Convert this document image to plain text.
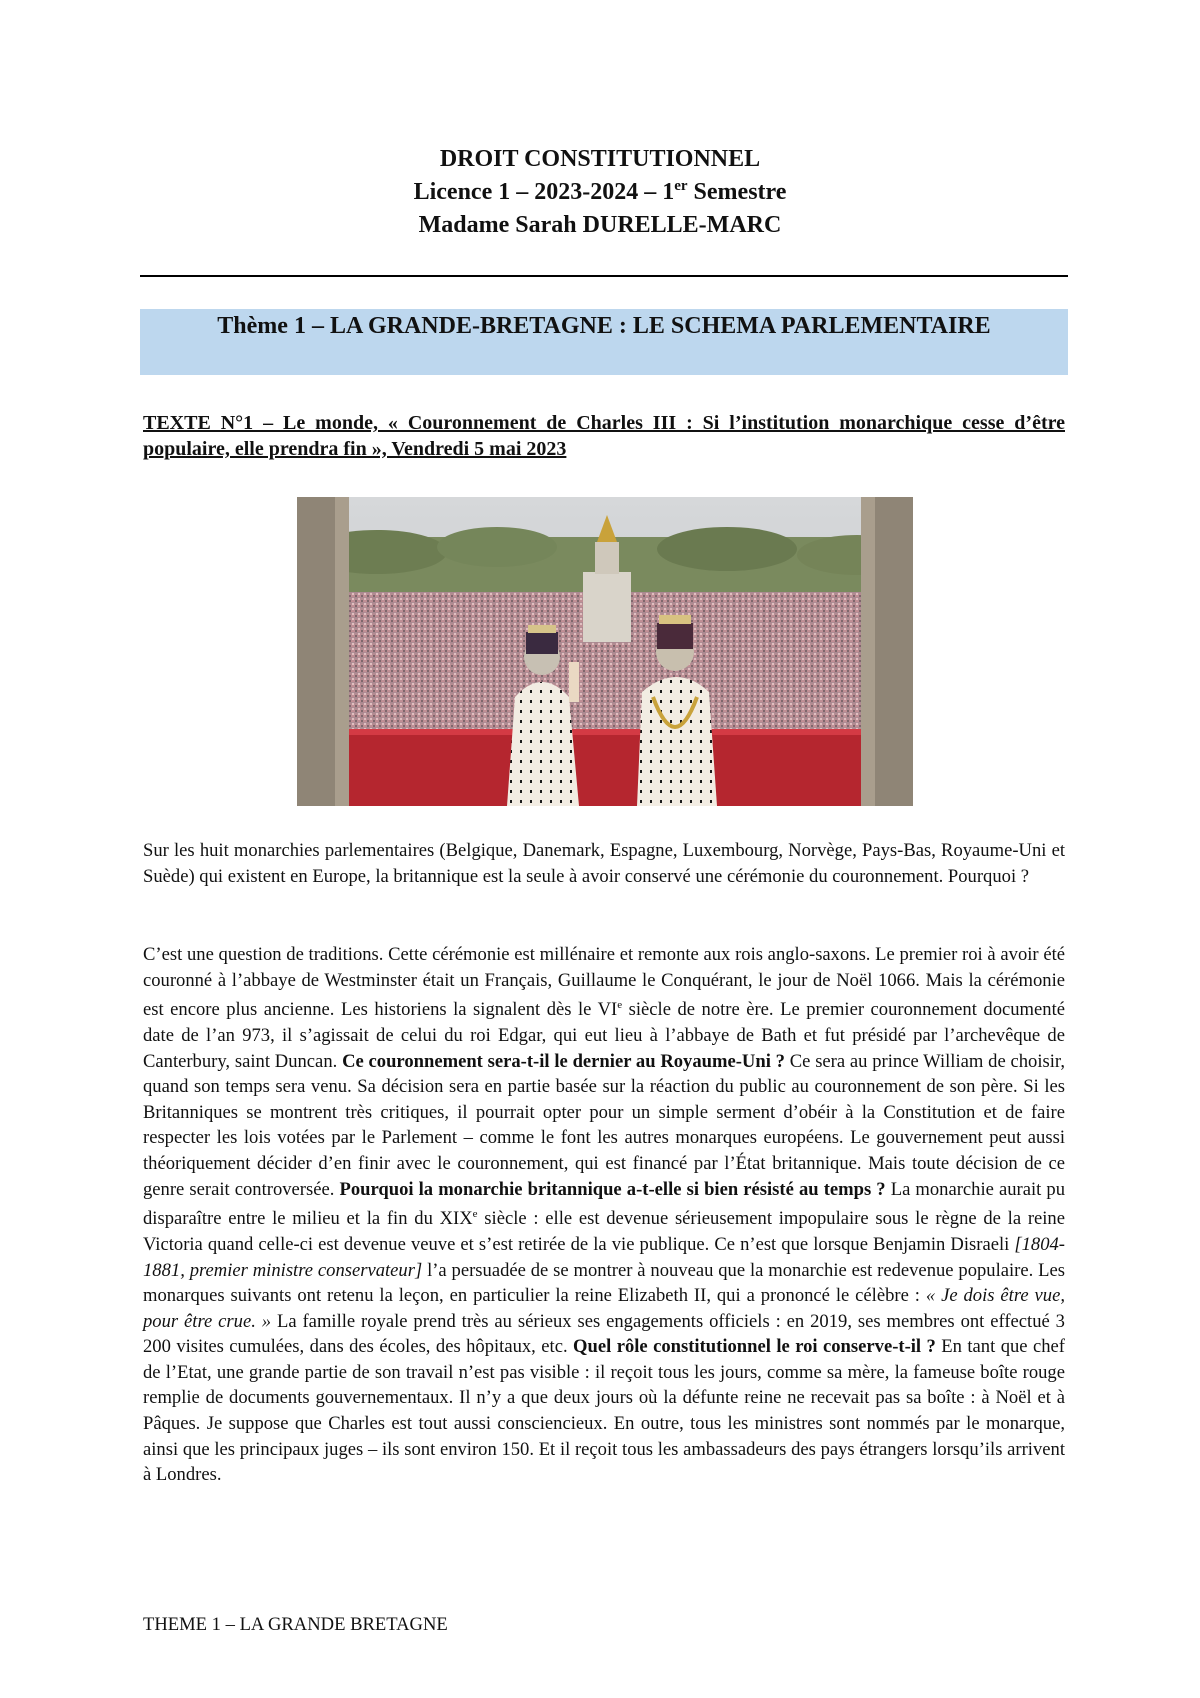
DROIT CONSTITUTIONNEL
Licence 1 – 2023-2024 – 1er Semestre
Madame Sarah DURELLE-MARC
Thème 1 – LA GRANDE-BRETAGNE : LE SCHEMA PARLEMENTAIRE
TEXTE N°1 – Le monde, « Couronnement de Charles III : Si l’institution monarchique cesse d’être populaire, elle prendra fin », Vendredi 5 mai 2023

Sur les huit monarchies parlementaires (Belgique, Danemark, Espagne, Luxembourg, Norvège, Pays-Bas, Royaume-Uni et Suède) qui existent en Europe, la britannique est la seule à avoir conservé une cérémonie du couronnement. Pourquoi ?

C’est une question de traditions. Cette cérémonie est millénaire et remonte aux rois anglo-saxons. Le premier roi à avoir été couronné à l’abbaye de Westminster était un Français, Guillaume le Conquérant, le jour de Noël 1066. Mais la cérémonie est encore plus ancienne. Les historiens la signalent dès le VIe siècle de notre ère. Le premier couronnement documenté date de l’an 973, il s’agissait de celui du roi Edgar, qui eut lieu à l’abbaye de Bath et fut présidé par l’archevêque de Canterbury, saint Duncan. Ce couronnement sera-t-il le dernier au Royaume-Uni ? Ce sera au prince William de choisir, quand son temps sera venu. Sa décision sera en partie basée sur la réaction du public au couronnement de son père. Si les Britanniques se montrent très critiques, il pourrait opter pour un simple serment d’obéir à la Constitution et de faire respecter les lois votées par le Parlement – comme le font les autres monarques européens. Le gouvernement peut aussi théoriquement décider d’en finir avec le couronnement, qui est financé par l’État britannique. Mais toute décision de ce genre serait controversée. Pourquoi la monarchie britannique a-t-elle si bien résisté au temps ? La monarchie aurait pu disparaître entre le milieu et la fin du XIXe siècle : elle est devenue sérieusement impopulaire sous le règne de la reine Victoria quand celle-ci est devenue veuve et s’est retirée de la vie publique. Ce n’est que lorsque Benjamin Disraeli [1804-1881, premier ministre conservateur] l’a persuadée de se montrer à nouveau que la monarchie est redevenue populaire. Les monarques suivants ont retenu la leçon, en particulier la reine Elizabeth II, qui a prononcé le célèbre : « Je dois être vue, pour être crue. » La famille royale prend très au sérieux ses engagements officiels : en 2019, ses membres ont effectué 3 200 visites cumulées, dans des écoles, des hôpitaux, etc. Quel rôle constitutionnel le roi conserve-t-il ? En tant que chef de l’Etat, une grande partie de son travail n’est pas visible : il reçoit tous les jours, comme sa mère, la fameuse boîte rouge remplie de documents gouvernementaux. Il n’y a que deux jours où la défunte reine ne recevait pas sa boîte : à Noël et à Pâques. Je suppose que Charles est tout aussi consciencieux. En outre, tous les ministres sont nommés par le monarque, ainsi que les principaux juges – ils sont environ 150. Et il reçoit tous les ambassadeurs des pays étrangers lorsqu’ils arrivent à Londres.

THEME 1 – LA GRANDE BRETAGNE
